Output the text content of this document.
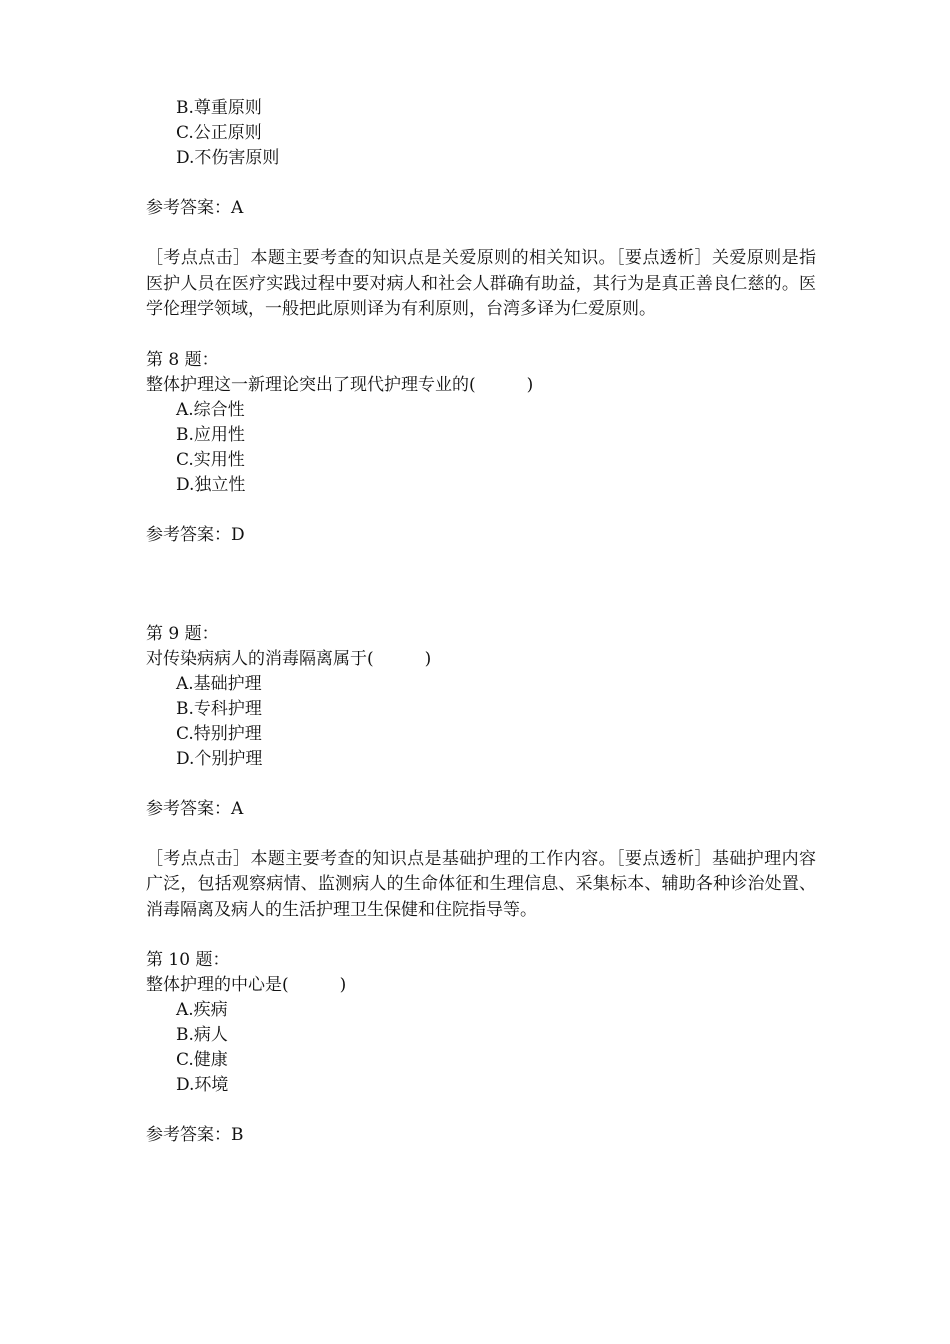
B.尊重原则
C.公正原则
D.不伤害原则
参考答案：A
［考点点击］本题主要考查的知识点是关爱原则的相关知识。［要点透析］关爱原则是指医护人员在医疗实践过程中要对病人和社会人群确有助益，其行为是真正善良仁慈的。医学伦理学领域，一般把此原则译为有利原则，台湾多译为仁爱原则。
第 8 题：
整体护理这一新理论突出了现代护理专业的(　　　)
A.综合性
B.应用性
C.实用性
D.独立性
参考答案：D
第 9 题：
对传染病病人的消毒隔离属于(　　　)
A.基础护理
B.专科护理
C.特别护理
D.个别护理
参考答案：A
［考点点击］本题主要考查的知识点是基础护理的工作内容。［要点透析］基础护理内容广泛，包括观察病情、监测病人的生命体征和生理信息、采集标本、辅助各种诊治处置、消毒隔离及病人的生活护理卫生保健和住院指导等。
第 10 题：
整体护理的中心是(　　　)
A.疾病
B.病人
C.健康
D.环境
参考答案：B
